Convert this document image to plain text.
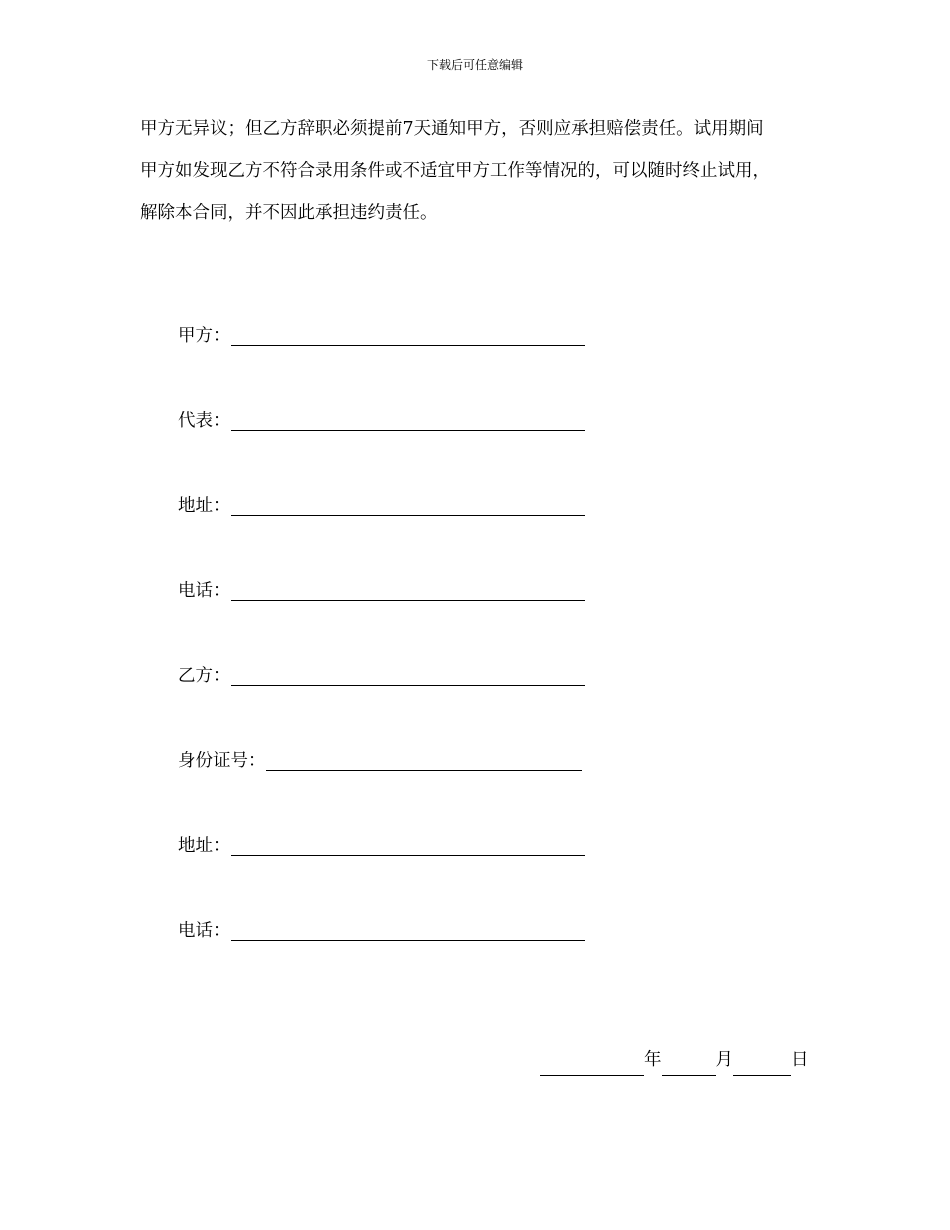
下载后可任意编辑
甲方无异议；但乙方辞职必须提前7天通知甲方，否则应承担赔偿责任。试用期间
甲方如发现乙方不符合录用条件或不适宜甲方工作等情况的，可以随时终止试用，
解除本合同，并不因此承担违约责任。
甲方：
代表：
地址：
电话：
乙方：
身份证号：
地址：
电话：
年	月	日
